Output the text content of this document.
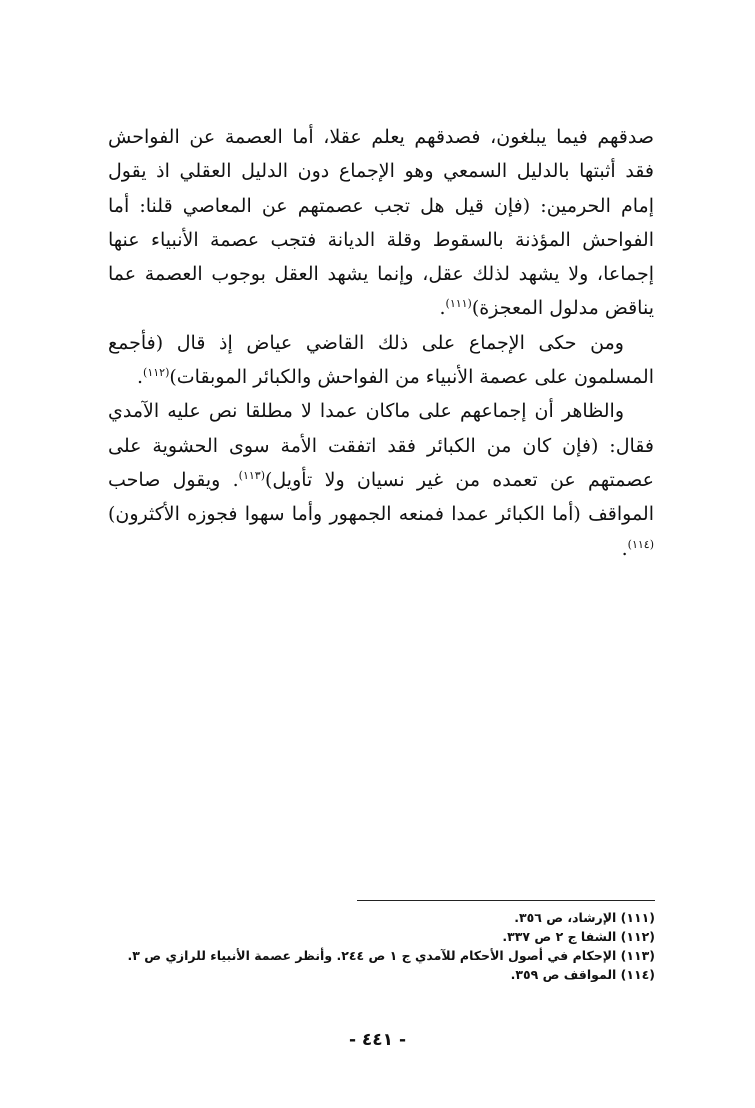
صدقهم فيما يبلغون، فصدقهم يعلم عقلا، أما العصمة عن الفواحش فقد أثبتها بالدليل السمعي وهو الإجماع دون الدليل العقلي اذ يقول إمام الحرمين: (فإن قيل هل تجب عصمتهم عن المعاصي قلنا: أما الفواحش المؤذنة بالسقوط وقلة الديانة فتجب عصمة الأنبياء عنها إجماعا، ولا يشهد لذلك عقل، وإنما يشهد العقل بوجوب العصمة عما يناقض مدلول المعجزة)$^{(١١١)}$.

ومن حكى الإجماع على ذلك القاضي عياض إذ قال (فأجمع المسلمون على عصمة الأنبياء من الفواحش والكبائر الموبقات)$^{(١١٢)}$.

والظاهر أن إجماعهم على ماكان عمدا لا مطلقا نص عليه الآمدي فقال: (فإن كان من الكبائر فقد اتفقت الأمة سوى الحشوية على عصمتهم عن تعمده من غير نسيان ولا تأويل)$^{(١١٣)}$. ويقول صاحب المواقف (أما الكبائر عمدا فمنعه الجمهور وأما سهوا فجوزه الأكثرون)$^{(١١٤)}$.

(١١١) الإرشاد، ص ٣٥٦.
(١١٢) الشفا ج ٢ ص ٣٣٧.
(١١٣) الإحكام في أصول الأحكام للآمدي ج ١ ص ٢٤٤. وأنظر عصمة الأنبياء للرازي ص ٣.
(١١٤) المواقف ص ٣٥٩.
- ٤٤١ -
